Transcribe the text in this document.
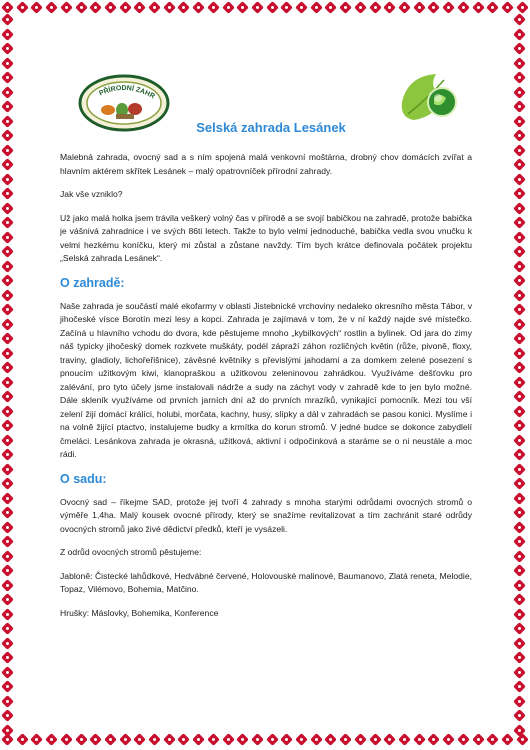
PŘÍRODNÍ ZAHR
Selská zahrada Lesánek

Malebná zahrada, ovocný sad a s ním spojená malá venkovní moštárna, drobný chov domácích zvířat a hlavním aktérem skřítek Lesánek – malý opatrovníček přírodní zahrady.

Jak vše vzniklo?

Už jako malá holka jsem trávila veškerý volný čas v přírodě a se svojí babičkou na zahradě, protože babička je vášnivá zahradnice i ve svých 86ti letech. Takže to bylo velmi jednoduché, babička vedla svou vnučku k velmi hezkému koníčku, který mi zůstal a zůstane navždy. Tím bych krátce definovala počátek projektu „Selská zahrada Lesánek“.

O zahradě:

Naše zahrada je součástí malé ekofarmy v oblasti Jistebnické vrchoviny nedaleko okresního města Tábor, v jihočeské vísce Borotín mezi lesy a kopci. Zahrada je zajímavá v tom, že v ní každý najde své místečko. Začíná u hlavního vchodu do dvora, kde pěstujeme mnoho „kybilkových“ rostlin a bylinek. Od jara do zimy náš typicky jihočeský domek rozkvete muškáty, podél zápraží záhon rozličných květin (růže, pivoně, floxy, traviny, gladioly, lichořeřišnice), závěsné květníky s převislými jahodami a za domkem zelené posezení s pnoucím užitkovým kiwi, klanopraškou a užitkovou zeleninovou zahrádkou. Využíváme dešťovku pro zalévání, pro tyto účely jsme instalovali nádrže a sudy na záchyt vody v zahradě kde to jen bylo možné. Dále skleník využíváme od prvních jarních dní až do prvních mrazíků, vynikající pomocník. Mezi tou vší zelení žijí domácí králíci, holubi, morčata, kachny, husy, slípky a dál v zahradách se pasou konici. Myslíme i na volně žijící ptactvo, instalujeme budky a krmítka do korun stromů. V jedné budce se dokonce zabydlelí čmeláci. Lesánkova zahrada je okrasná, užitková, aktivní i odpočinková a staráme se o ni neustále a moc rádi.

O sadu:

Ovocný sad – říkejme SAD, protože jej tvoří 4 zahrady s mnoha starými odrůdami ovocných stromů o výměře 1,4ha. Malý kousek ovocné přírody, který se snažíme revitalizovat a tím zachránit staré odrůdy ovocných stromů jako živé dědictví předků, kteří je vysázeli.

Z odrůd ovocných stromů pěstujeme:

Jabloně: Čistecké lahůdkové, Hedvábné červené, Holovouské malinové, Baumanovo, Zlatá reneta, Melodie, Topaz, Vilémovo, Bohemia, Matčino.

Hrušky: Máslovky, Bohemika, Konference
